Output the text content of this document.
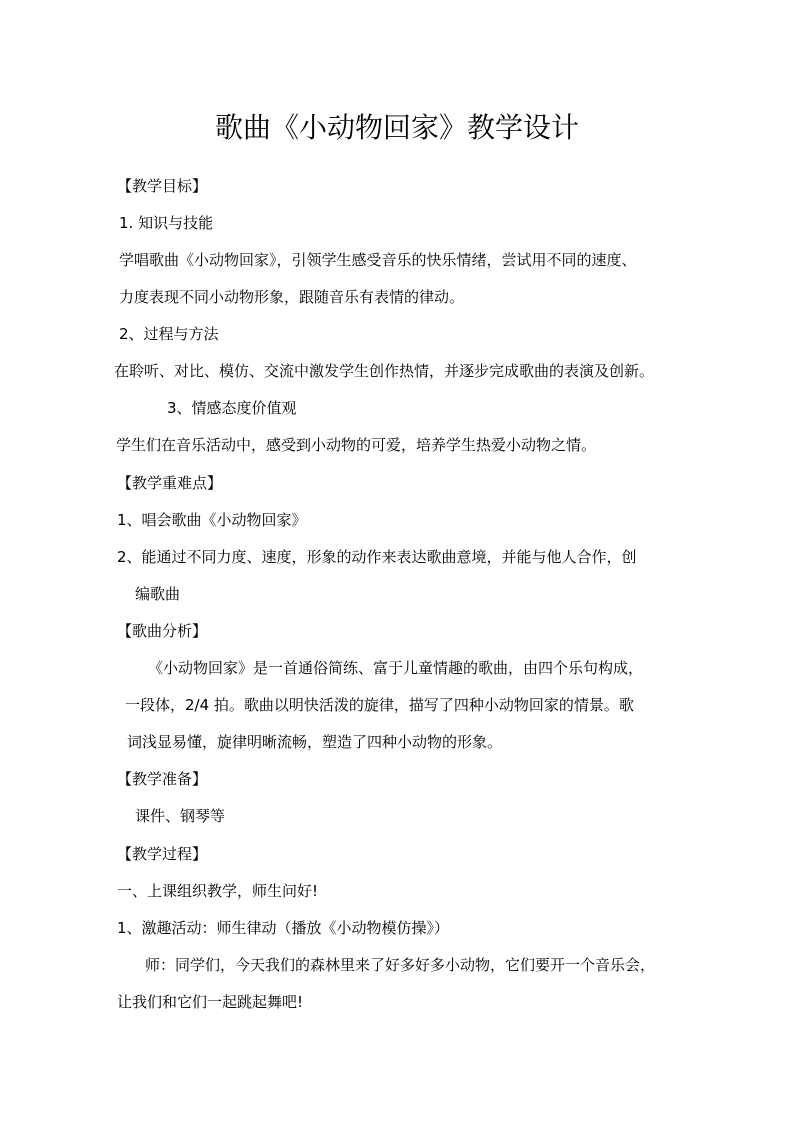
歌曲《小动物回家》教学设计
【教学目标】
1. 知识与技能
学唱歌曲《小动物回家》，引领学生感受音乐的快乐情绪，尝试用不同的速度、
力度表现不同小动物形象，跟随音乐有表情的律动。
2、过程与方法
在聆听、对比、模仿、交流中激发学生创作热情，并逐步完成歌曲的表演及创新。
3、情感态度价值观
学生们在音乐活动中，感受到小动物的可爱，培养学生热爱小动物之情。
【教学重难点】
1、唱会歌曲《小动物回家》
2、能通过不同力度、速度，形象的动作来表达歌曲意境，并能与他人合作，创
编歌曲
【歌曲分析】
《小动物回家》是一首通俗简练、富于儿童情趣的歌曲，由四个乐句构成，
一段体，2/4 拍。歌曲以明快活泼的旋律，描写了四种小动物回家的情景。歌
词浅显易懂，旋律明晰流畅，塑造了四种小动物的形象。
【教学准备】
课件、钢琴等
【教学过程】
一、上课组织教学，师生问好!
1、激趣活动：师生律动（播放《小动物模仿操》）
师：同学们，今天我们的森林里来了好多好多小动物，它们要开一个音乐会，
让我们和它们一起跳起舞吧!
